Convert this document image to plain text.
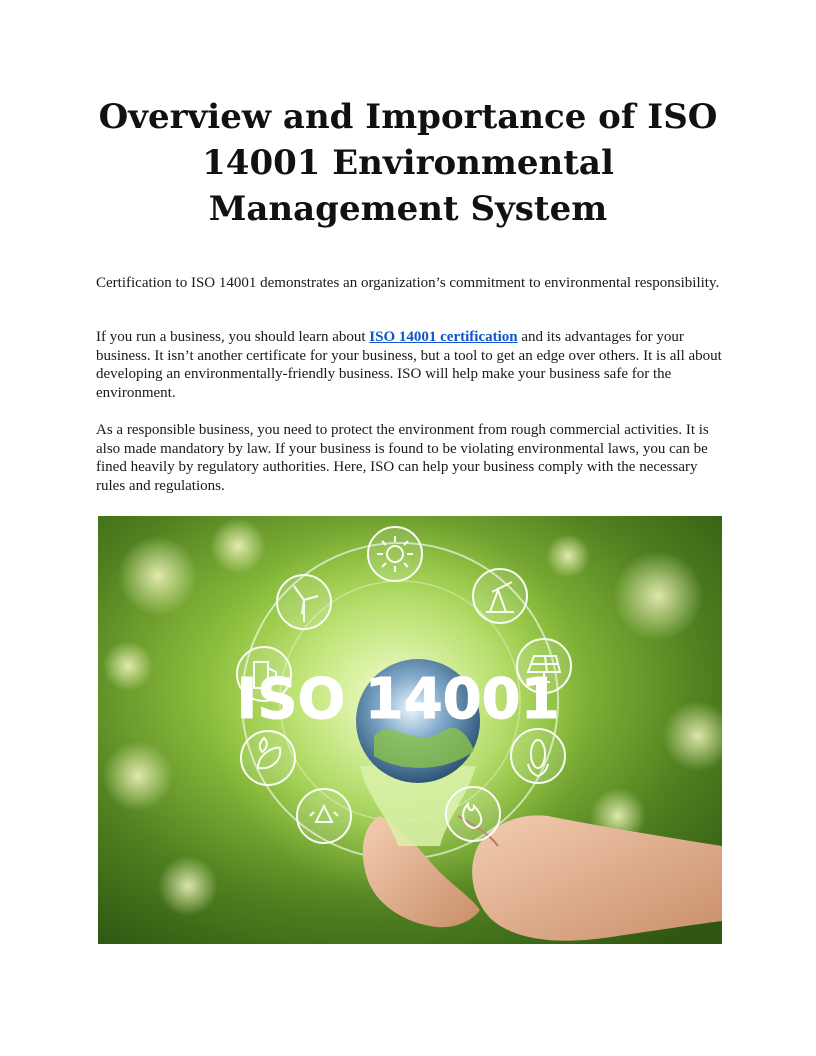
Overview and Importance of ISO 14001 Environmental Management System

Certification to ISO 14001 demonstrates an organization’s commitment to environmental responsibility.

If you run a business, you should learn about ISO 14001 certification and its advantages for your business. It isn’t another certificate for your business, but a tool to get an edge over others. It is all about developing an environmentally-friendly business. ISO will help make your business safe for the environment.

As a responsible business, you need to protect the environment from rough commercial activities. It is also made mandatory by law. If your business is found to be violating environmental laws, you can be fined heavily by regulatory authorities. Here, ISO can help your business comply with the necessary rules and regulations.

ISO 14001
